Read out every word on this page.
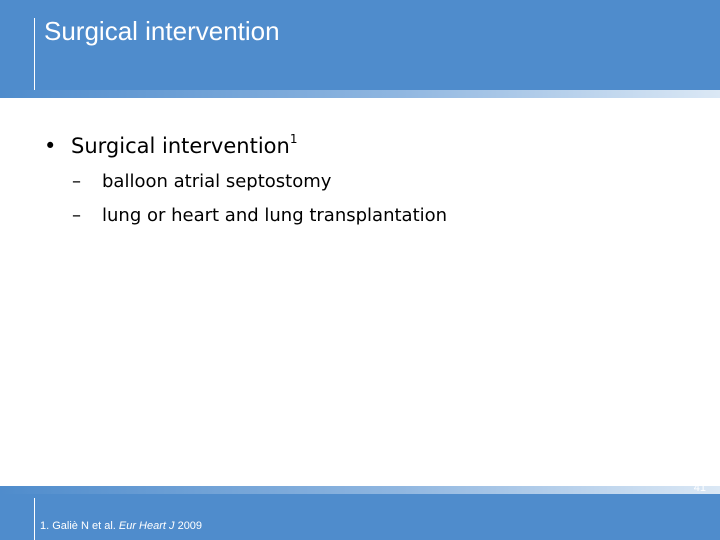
Surgical intervention
• Surgical intervention$^1$
– balloon atrial septostomy
– lung or heart and lung transplantation
1. Galiè N et al. Eur Heart J 2009
41
